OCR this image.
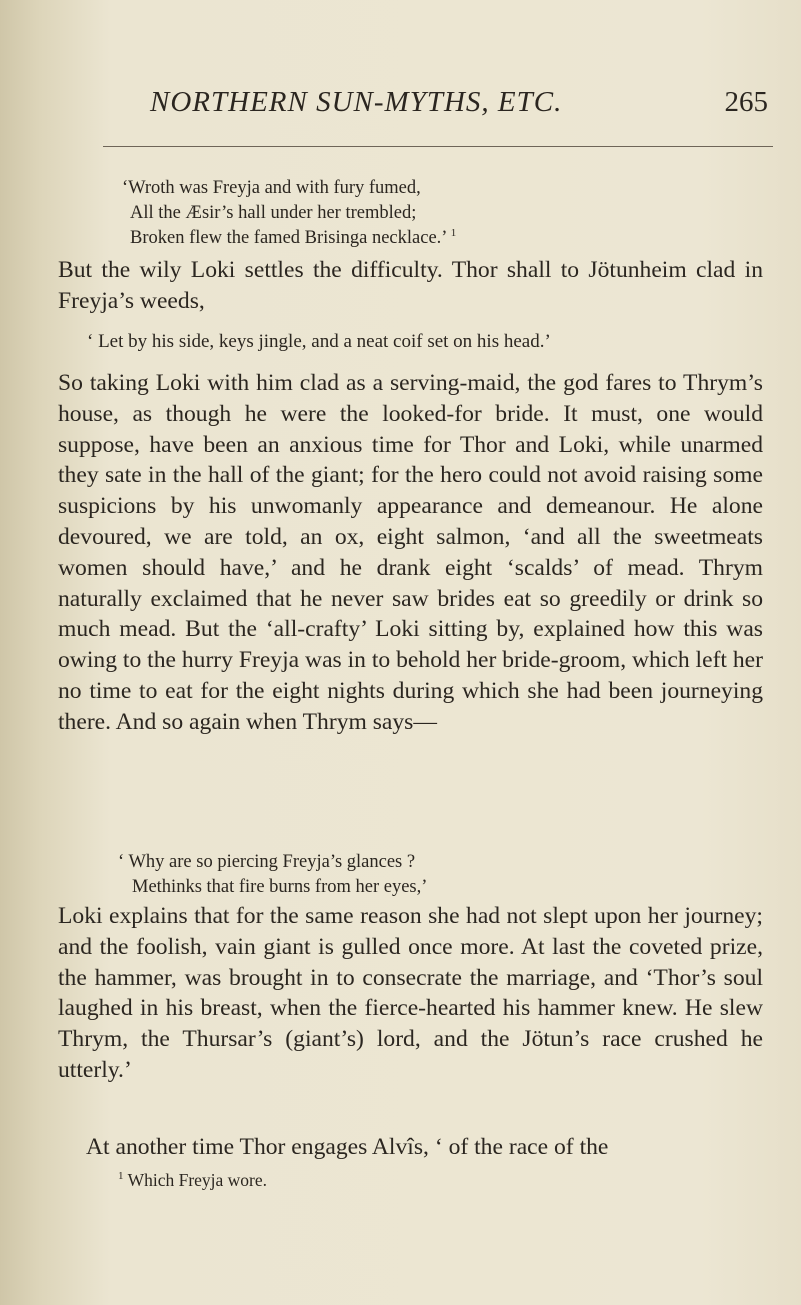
NORTHERN SUN-MYTHS, ETC.	265
‘Wroth was Freyja and with fury fumed,
All the Æsir’s hall under her trembled;
Broken flew the famed Brisinga necklace.’ $^1$

But the wily Loki settles the difficulty. Thor shall to Jötunheim clad in Freyja’s weeds,

‘ Let by his side, keys jingle, and a neat coif set on his head.’

So taking Loki with him clad as a serving-maid, the god fares to Thrym’s house, as though he were the looked-for bride. It must, one would suppose, have been an anxious time for Thor and Loki, while unarmed they sate in the hall of the giant; for the hero could not avoid raising some suspicions by his unwomanly appearance and demeanour. He alone devoured, we are told, an ox, eight salmon, ‘and all the sweetmeats women should have,’ and he drank eight ‘scalds’ of mead. Thrym naturally exclaimed that he never saw brides eat so greedily or drink so much mead. But the ‘all-crafty’ Loki sitting by, explained how this was owing to the hurry Freyja was in to behold her bride-groom, which left her no time to eat for the eight nights during which she had been journeying there. And so again when Thrym says—

‘ Why are so piercing Freyja’s glances ?
Methinks that fire burns from her eyes,’

Loki explains that for the same reason she had not slept upon her journey; and the foolish, vain giant is gulled once more. At last the coveted prize, the hammer, was brought in to consecrate the marriage, and ‘Thor’s soul laughed in his breast, when the fierce-hearted his hammer knew. He slew Thrym, the Thursar’s (giant’s) lord, and the Jötun’s race crushed he utterly.’

At another time Thor engages Alvîs, ‘ of the race of the

$^1$ Which Freyja wore.
